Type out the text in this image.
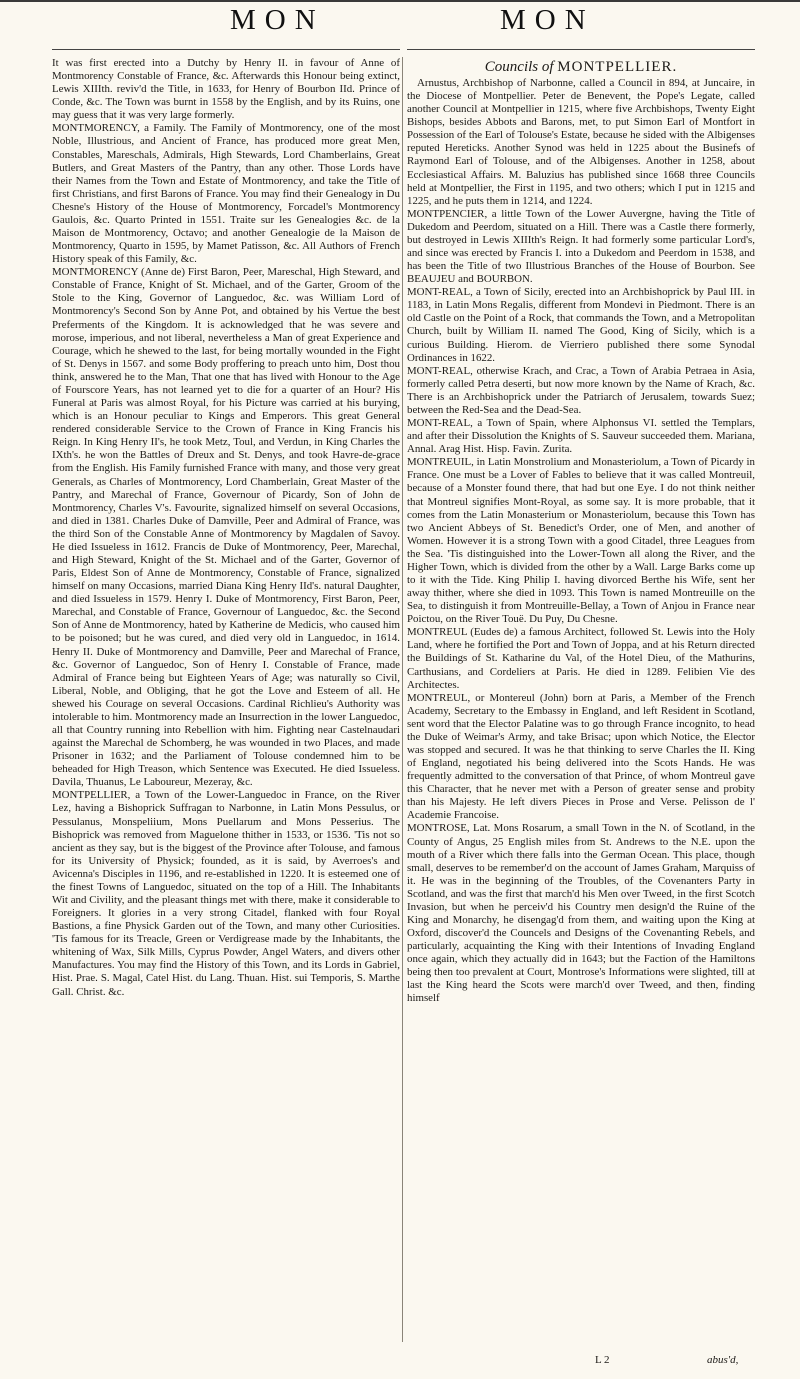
MON	MON

It was first erected into a Dutchy by Henry II. in favour of Anne of Montmorency Constable of France, &c. Afterwards this Honour being extinct, Lewis XIIIth. reviv'd the Title, in 1633, for Henry of Bourbon IId. Prince of Conde, &c. The Town was burnt in 1558 by the English, and by its Ruins, one may guess that it was very large formerly.

MONTMORENCY, a Family. The Family of Montmorency, one of the most Noble, Illustrious, and Ancient of France, has produced more great Men, Constables, Mareschals, Admirals, High Stewards, Lord Chamberlains, Great Butlers, and Great Masters of the Pantry, than any other. Those Lords have their Names from the Town and Estate of Montmorency, and take the Title of first Christians, and first Barons of France. You may find their Genealogy in Du Chesne's History of the House of Montmorency, Forcadel's Montmorency Gaulois, &c. Quarto Printed in 1551. Traite sur les Genealogies &c. de la Maison de Montmorency, Octavo; and another Genealogie de la Maison de Montmorency, Quarto in 1595, by Mamet Patisson, &c. All Authors of French History speak of this Family, &c.

MONTMORENCY (Anne de) First Baron, Peer, Mareschal, High Steward, and Constable of France, Knight of St. Michael, and of the Garter, Groom of the Stole to the King, Governor of Languedoc, &c. was William Lord of Montmorency's Second Son by Anne Pot, and obtained by his Vertue the best Preferments of the Kingdom. It is acknowledged that he was severe and morose, imperious, and not liberal, nevertheless a Man of great Experience and Courage, which he shewed to the last, for being mortally wounded in the Fight of St. Denys in 1567. and some Body proffering to preach unto him, Dost thou think, answered he to the Man, That one that has lived with Honour to the Age of Fourscore Years, has not learned yet to die for a quarter of an Hour? His Funeral at Paris was almost Royal, for his Picture was carried at his burying, which is an Honour peculiar to Kings and Emperors. This great General rendered considerable Service to the Crown of France in King Francis his Reign. In King Henry II's, he took Metz, Toul, and Verdun, in King Charles the IXth's. he won the Battles of Dreux and St. Denys, and took Havre-de-grace from the English. His Family furnished France with many, and those very great Generals, as Charles of Montmorency, Lord Chamberlain, Great Master of the Pantry, and Marechal of France, Governour of Picardy, Son of John de Montmorency, Charles V's. Favourite, signalized himself on several Occasions, and died in 1381. Charles Duke of Damville, Peer and Admiral of France, was the third Son of the Constable Anne of Montmorency by Magdalen of Savoy. He died Issueless in 1612. Francis de Duke of Montmorency, Peer, Marechal, and High Steward, Knight of the St. Michael and of the Garter, Governor of Paris, Eldest Son of Anne de Montmorency, Constable of France, signalized himself on many Occasions, married Diana King Henry IId's. natural Daughter, and died Issueless in 1579. Henry I. Duke of Montmorency, First Baron, Peer, Marechal, and Constable of France, Governour of Languedoc, &c. the Second Son of Anne de Montmorency, hated by Katherine de Medicis, who caused him to be poisoned; but he was cured, and died very old in Languedoc, in 1614. Henry II. Duke of Montmorency and Damville, Peer and Marechal of France, &c. Governor of Languedoc, Son of Henry I. Constable of France, made Admiral of France being but Eighteen Years of Age; was naturally so Civil, Liberal, Noble, and Obliging, that he got the Love and Esteem of all. He shewed his Courage on several Occasions. Cardinal Richlieu's Authority was intolerable to him. Montmorency made an Insurrection in the lower Languedoc, all that Country running into Rebellion with him. Fighting near Castelnaudari against the Marechal de Schomberg, he was wounded in two Places, and made Prisoner in 1632; and the Parliament of Tolouse condemned him to be beheaded for High Treason, which Sentence was Executed. He died Issueless. Davila, Thuanus, Le Laboureur, Mezeray, &c.

MONTPELLIER, a Town of the Lower-Languedoc in France, on the River Lez, having a Bishoprick Suffragan to Narbonne, in Latin Mons Pessulus, or Pessulanus, Monspeliium, Mons Puellarum and Mons Pesserius. The Bishoprick was removed from Maguelone thither in 1533, or 1536. 'Tis not so ancient as they say, but is the biggest of the Province after Tolouse, and famous for its University of Physick; founded, as it is said, by Averroes's and Avicenna's Disciples in 1196, and re-established in 1220. It is esteemed one of the finest Towns of Languedoc, situated on the top of a Hill. The Inhabitants Wit and Civility, and the pleasant things met with there, make it considerable to Foreigners. It glories in a very strong Citadel, flanked with four Royal Bastions, a fine Physick Garden out of the Town, and many other Curiosities. 'Tis famous for its Treacle, Green or Verdigrease made by the Inhabitants, the whitening of Wax, Silk Mills, Cyprus Powder, Angel Waters, and divers other Manufactures. You may find the History of this Town, and its Lords in Gabriel, Hist. Prae. S. Magal, Catel Hist. du Lang. Thuan. Hist. sui Temporis, S. Marthe Gall. Christ. &c.

Councils of MONTPELLIER.

Arnustus, Archbishop of Narbonne, called a Council in 894, at Juncaire, in the Diocese of Montpellier. Peter de Benevent, the Pope's Legate, called another Council at Montpellier in 1215, where five Archbishops, Twenty Eight Bishops, besides Abbots and Barons, met, to put Simon Earl of Montfort in Possession of the Earl of Tolouse's Estate, because he sided with the Albigenses reputed Hereticks. Another Synod was held in 1225 about the Businefs of Raymond Earl of Tolouse, and of the Albigenses. Another in 1258, about Ecclesiastical Affairs. M. Baluzius has published since 1668 three Councils held at Montpellier, the First in 1195, and two others; which I put in 1215 and 1225, and he puts them in 1214, and 1224.

MONTPENCIER, a little Town of the Lower Auvergne, having the Title of Dukedom and Peerdom, situated on a Hill. There was a Castle there formerly, but destroyed in Lewis XIIIth's Reign. It had formerly some particular Lord's, and since was erected by Francis I. into a Dukedom and Peerdom in 1538, and has been the Title of two Illustrious Branches of the House of Bourbon. See BEAUJEU and BOURBON.

MONT-REAL, a Town of Sicily, erected into an Archbishoprick by Paul III. in 1183, in Latin Mons Regalis, different from Mondevi in Piedmont. There is an old Castle on the Point of a Rock, that commands the Town, and a Metropolitan Church, built by William II. named The Good, King of Sicily, which is a curious Building. Hierom. de Vierriero published there some Synodal Ordinances in 1622.

MONT-REAL, otherwise Krach, and Crac, a Town of Arabia Petraea in Asia, formerly called Petra deserti, but now more known by the Name of Krach, &c. There is an Archbishoprick under the Patriarch of Jerusalem, towards Suez; between the Red-Sea and the Dead-Sea.

MONT-REAL, a Town of Spain, where Alphonsus VI. settled the Templars, and after their Dissolution the Knights of S. Sauveur succeeded them. Mariana, Annal. Arag Hist. Hisp. Favin. Zurita.

MONTREUIL, in Latin Monstrolium and Monasteriolum, a Town of Picardy in France. One must be a Lover of Fables to believe that it was called Montreuil, because of a Monster found there, that had but one Eye. I do not think neither that Montreul signifies Mont-Royal, as some say. It is more probable, that it comes from the Latin Monasterium or Monasteriolum, because this Town has two Ancient Abbeys of St. Benedict's Order, one of Men, and another of Women. However it is a strong Town with a good Citadel, three Leagues from the Sea. 'Tis distinguished into the Lower-Town all along the River, and the Higher Town, which is divided from the other by a Wall. Large Barks come up to it with the Tide. King Philip I. having divorced Berthe his Wife, sent her away thither, where she died in 1093. This Town is named Montreuille on the Sea, to distinguish it from Montreuille-Bellay, a Town of Anjou in France near Poictou, on the River Touë. Du Puy, Du Chesne.

MONTREUL (Eudes de) a famous Architect, followed St. Lewis into the Holy Land, where he fortified the Port and Town of Joppa, and at his Return directed the Buildings of St. Katharine du Val, of the Hotel Dieu, of the Mathurins, Carthusians, and Cordeliers at Paris. He died in 1289. Felibien Vie des Architectes.

MONTREUL, or Montereul (John) born at Paris, a Member of the French Academy, Secretary to the Embassy in England, and left Resident in Scotland, sent word that the Elector Palatine was to go through France incognito, to head the Duke of Weimar's Army, and take Brisac; upon which Notice, the Elector was stopped and secured. It was he that thinking to serve Charles the II. King of England, negotiated his being delivered into the Scots Hands. He was frequently admitted to the conversation of that Prince, of whom Montreul gave this Character, that he never met with a Person of greater sense and probity than his Majesty. He left divers Pieces in Prose and Verse. Pelisson de l' Academie Francoise.

MONTROSE, Lat. Mons Rosarum, a small Town in the N. of Scotland, in the County of Angus, 25 English miles from St. Andrews to the N.E. upon the mouth of a River which there falls into the German Ocean. This place, though small, deserves to be remember'd on the account of James Graham, Marquiss of it. He was in the beginning of the Troubles, of the Covenanters Party in Scotland, and was the first that march'd his Men over Tweed, in the first Scotch Invasion, but when he perceiv'd his Country men design'd the Ruine of the King and Monarchy, he disengag'd from them, and waiting upon the King at Oxford, discover'd the Councels and Designs of the Covenanting Rebels, and particularly, acquainting the King with their Intentions of Invading England once again, which they actually did in 1643; but the Faction of the Hamiltons being then too prevalent at Court, Montrose's Informations were slighted, till at last the King heard the Scots were march'd over Tweed, and then, finding himself

L 2	abus'd,
